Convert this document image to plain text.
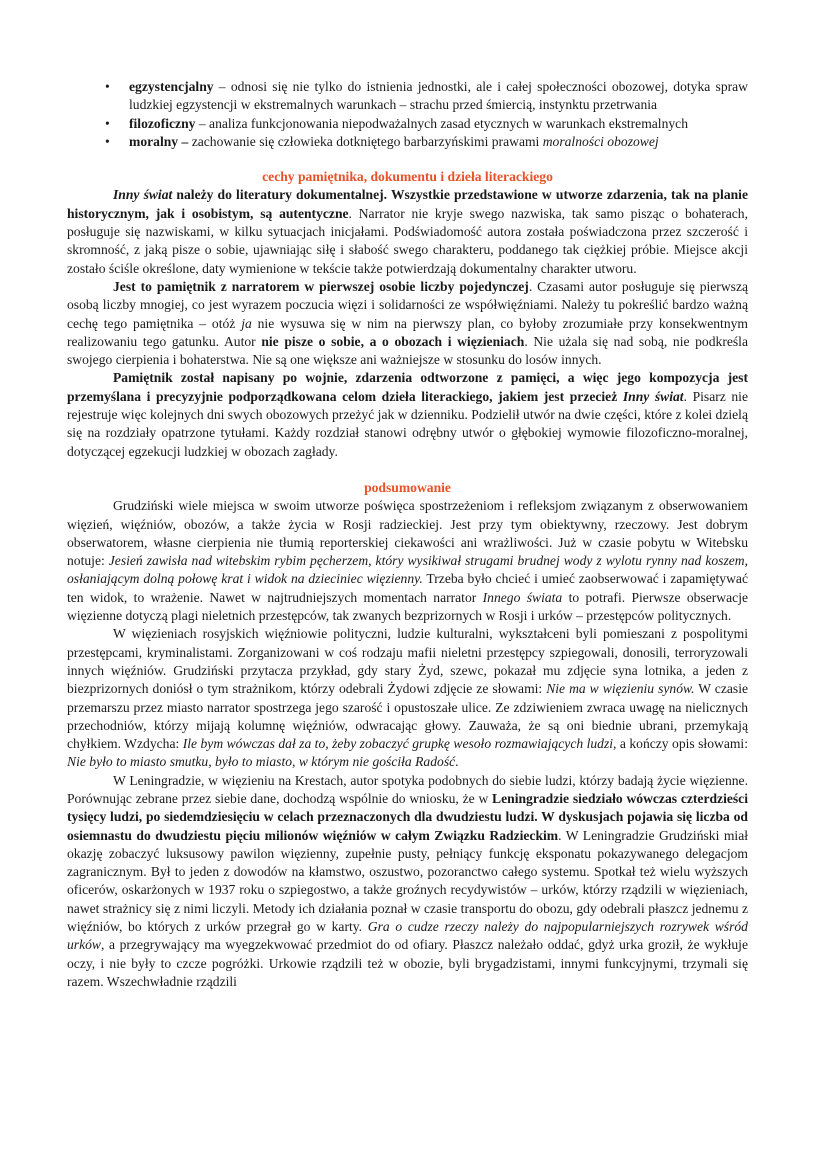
•	egzystencjalny – odnosi się nie tylko do istnienia jednostki, ale i całej społeczności obozowej, dotyka spraw ludzkiej egzystencji w ekstremalnych warunkach – strachu przed śmiercią, instynktu przetrwania
•	filozoficzny – analiza funkcjonowania niepodważalnych zasad etycznych w warunkach ekstremalnych
•	moralny – zachowanie się człowieka dotkniętego barbarzyńskimi prawami moralności obozowej
cechy pamiętnika, dokumentu i dzieła literackiego

Inny świat należy do literatury dokumentalnej. Wszystkie przedstawione w utworze zdarzenia, tak na planie historycznym, jak i osobistym, są autentyczne. Narrator nie kryje swego nazwiska, tak samo pisząc o bohaterach, posługuje się nazwiskami, w kilku sytuacjach inicjałami. Podświadomość autora została poświadczona przez szczerość i skromność, z jaką pisze o sobie, ujawniając siłę i słabość swego charakteru, poddanego tak ciężkiej próbie. Miejsce akcji zostało ściśle określone, daty wymienione w tekście także potwierdzają dokumentalny charakter utworu.

Jest to pamiętnik z narratorem w pierwszej osobie liczby pojedynczej. Czasami autor posługuje się pierwszą osobą liczby mnogiej, co jest wyrazem poczucia więzi i solidarności ze współwięźniami. Należy tu pokreślić bardzo ważną cechę tego pamiętnika – otóż ja nie wysuwa się w nim na pierwszy plan, co byłoby zrozumiałe przy konsekwentnym realizowaniu tego gatunku. Autor nie pisze o sobie, a o obozach i więzieniach. Nie użala się nad sobą, nie podkreśla swojego cierpienia i bohaterstwa. Nie są one większe ani ważniejsze w stosunku do losów innych.

Pamiętnik został napisany po wojnie, zdarzenia odtworzone z pamięci, a więc jego kompozycja jest przemyślana i precyzyjnie podporządkowana celom dzieła literackiego, jakiem jest przecież Inny świat. Pisarz nie rejestruje więc kolejnych dni swych obozowych przeżyć jak w dzienniku. Podzielił utwór na dwie części, które z kolei dzielą się na rozdziały opatrzone tytułami. Każdy rozdział stanowi odrębny utwór o głębokiej wymowie filozoficzno-moralnej, dotyczącej egzekucji ludzkiej w obozach zagłady.

podsumowanie

Grudziński wiele miejsca w swoim utworze poświęca spostrzeżeniom i refleksjom związanym z obserwowaniem więzień, więźniów, obozów, a także życia w Rosji radzieckiej. Jest przy tym obiektywny, rzeczowy. Jest dobrym obserwatorem, własne cierpienia nie tłumią reporterskiej ciekawości ani wrażliwości. Już w czasie pobytu w Witebsku notuje: Jesień zawisła nad witebskim rybim pęcherzem, który wysikiwał strugami brudnej wody z wylotu rynny nad koszem, osłaniającym dolną połowę krat i widok na dzieciniec więzienny. Trzeba było chcieć i umieć zaobserwować i zapamiętywać ten widok, to wrażenie. Nawet w najtrudniejszych momentach narrator Innego świata to potrafi. Pierwsze obserwacje więzienne dotyczą plagi nieletnich przestępców, tak zwanych bezprizornych w Rosji i urków – przestępców politycznych.

W więzieniach rosyjskich więźniowie polityczni, ludzie kulturalni, wykształceni byli pomieszani z pospolitymi przestępcami, kryminalistami. Zorganizowani w coś rodzaju mafii nieletni przestępcy szpiegowali, donosili, terroryzowali innych więźniów. Grudziński przytacza przykład, gdy stary Żyd, szewc, pokazał mu zdjęcie syna lotnika, a jeden z biezprizornych doniósł o tym strażnikom, którzy odebrali Żydowi zdjęcie ze słowami: Nie ma w więzieniu synów. W czasie przemarszu przez miasto narrator spostrzega jego szarość i opustoszałe ulice. Ze zdziwieniem zwraca uwagę na nielicznych przechodniów, którzy mijają kolumnę więźniów, odwracając głowy. Zauważa, że są oni biednie ubrani, przemykają chyłkiem. Wzdycha: Ile bym wówczas dał za to, żeby zobaczyć grupkę wesoło rozmawiających ludzi, a kończy opis słowami: Nie było to miasto smutku, było to miasto, w którym nie gościła Radość.

W Leningradzie, w więzieniu na Krestach, autor spotyka podobnych do siebie ludzi, którzy badają życie więzienne. Porównując zebrane przez siebie dane, dochodzą wspólnie do wniosku, że w Leningradzie siedziało wówczas czterdzieści tysięcy ludzi, po siedemdziesięciu w celach przeznaczonych dla dwudziestu ludzi. W dyskusjach pojawia się liczba od osiemnastu do dwudziestu pięciu milionów więźniów w całym Związku Radzieckim. W Leningradzie Grudziński miał okazję zobaczyć luksusowy pawilon więzienny, zupełnie pusty, pełniący funkcję eksponatu pokazywanego delegacjom zagranicznym. Był to jeden z dowodów na kłamstwo, oszustwo, pozoranctwo całego systemu. Spotkał też wielu wyższych oficerów, oskarżonych w 1937 roku o szpiegostwo, a także groźnych recydywistów – urków, którzy rządzili w więzieniach, nawet strażnicy się z nimi liczyli. Metody ich działania poznał w czasie transportu do obozu, gdy odebrali płaszcz jednemu z więźniów, bo których z urków przegrał go w karty. Gra o cudze rzeczy należy do najpopularniejszych rozrywek wśród urków, a przegrywający ma wyegzekwować przedmiot do od ofiary. Płaszcz należało oddać, gdyż urka groził, że wykłuje oczy, i nie były to czcze pogróżki. Urkowie rządzili też w obozie, byli brygadzistami, innymi funkcyjnymi, trzymali się razem. Wszechwładnie rządzili
